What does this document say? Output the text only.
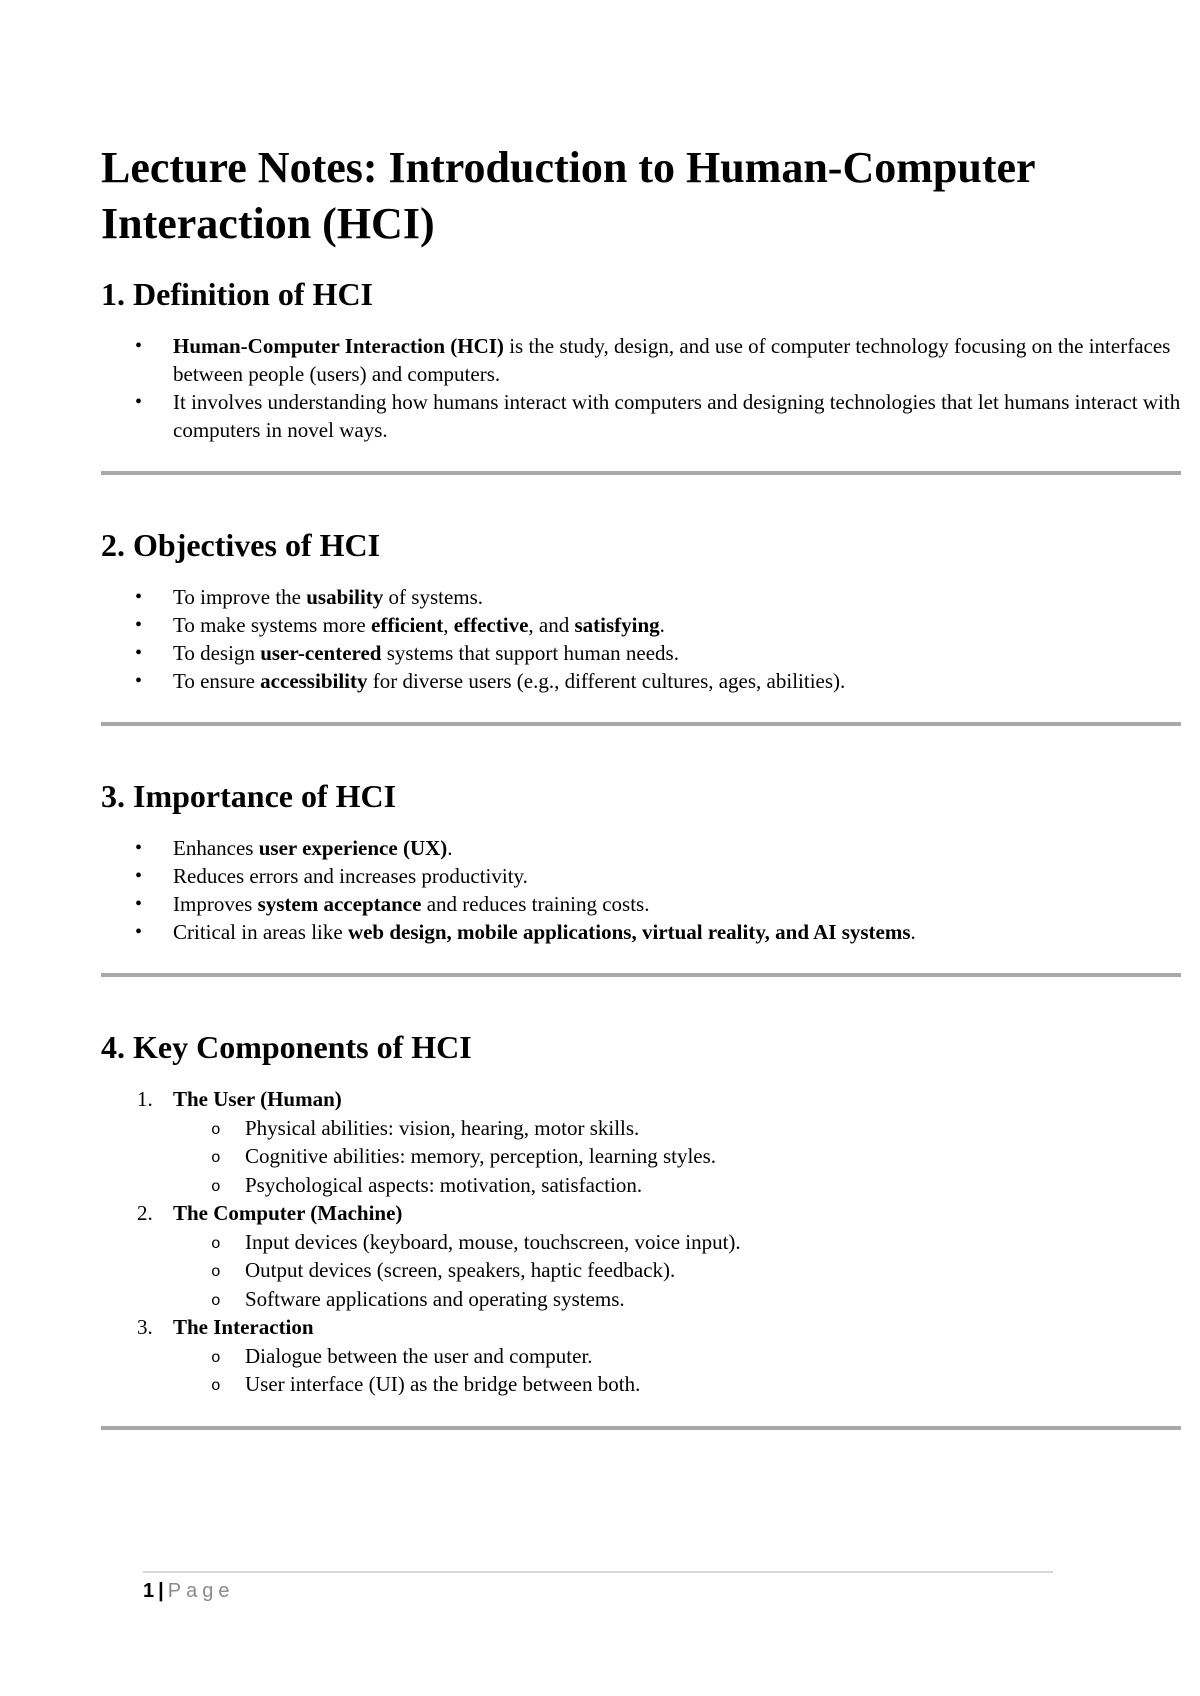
Lecture Notes: Introduction to Human-Computer Interaction (HCI)
1. Definition of HCI
• Human-Computer Interaction (HCI) is the study, design, and use of computer technology focusing on the interfaces between people (users) and computers.
• It involves understanding how humans interact with computers and designing technologies that let humans interact with computers in novel ways.
2. Objectives of HCI
• To improve the usability of systems.
• To make systems more efficient, effective, and satisfying.
• To design user-centered systems that support human needs.
• To ensure accessibility for diverse users (e.g., different cultures, ages, abilities).
3. Importance of HCI
• Enhances user experience (UX).
• Reduces errors and increases productivity.
• Improves system acceptance and reduces training costs.
• Critical in areas like web design, mobile applications, virtual reality, and AI systems.
4. Key Components of HCI
1. The User (Human)
o Physical abilities: vision, hearing, motor skills.
o Cognitive abilities: memory, perception, learning styles.
o Psychological aspects: motivation, satisfaction.
2. The Computer (Machine)
o Input devices (keyboard, mouse, touchscreen, voice input).
o Output devices (screen, speakers, haptic feedback).
o Software applications and operating systems.
3. The Interaction
o Dialogue between the user and computer.
o User interface (UI) as the bridge between both.
1 | Page
